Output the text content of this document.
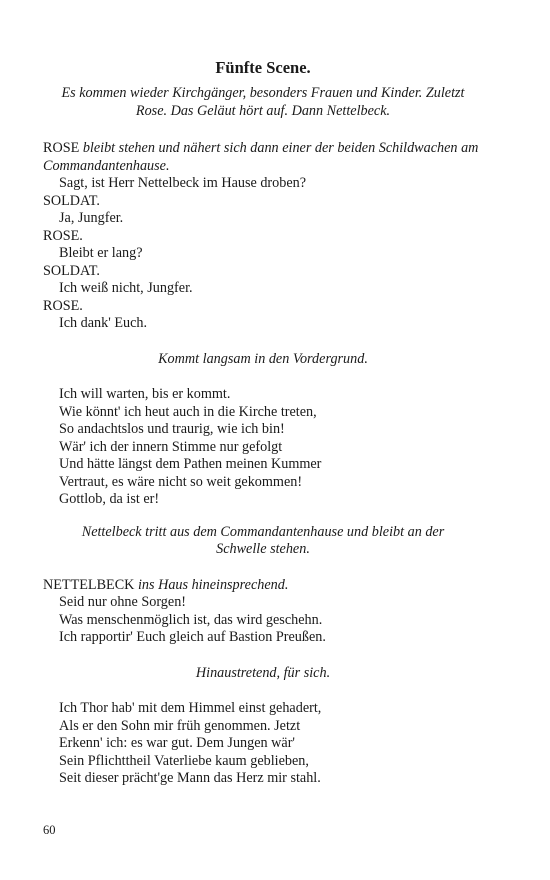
Fünfte Scene.

Es kommen wieder Kirchgänger, besonders Frauen und Kinder. Zuletzt Rose. Das Geläut hört auf. Dann Nettelbeck.

ROSE bleibt stehen und nähert sich dann einer der beiden Schildwachen am Commandantenhause.

Sagt, ist Herr Nettelbeck im Hause droben?

SOLDAT.

Ja, Jungfer.

ROSE.

Bleibt er lang?

SOLDAT.

Ich weiß nicht, Jungfer.

ROSE.

Ich dank' Euch.

Kommt langsam in den Vordergrund.

Ich will warten, bis er kommt.

Wie könnt' ich heut auch in die Kirche treten,

So andachtslos und traurig, wie ich bin!

Wär' ich der innern Stimme nur gefolgt

Und hätte längst dem Pathen meinen Kummer

Vertraut, es wäre nicht so weit gekommen!

Gottlob, da ist er!

Nettelbeck tritt aus dem Commandantenhause und bleibt an der Schwelle stehen.

NETTELBECK ins Haus hineinsprechend.

Seid nur ohne Sorgen!

Was menschenmöglich ist, das wird geschehn.

Ich rapportir' Euch gleich auf Bastion Preußen.

Hinaustretend, für sich.

Ich Thor hab' mit dem Himmel einst gehadert,

Als er den Sohn mir früh genommen. Jetzt

Erkenn' ich: es war gut. Dem Jungen wär'

Sein Pflichttheil Vaterliebe kaum geblieben,

Seit dieser prächt'ge Mann das Herz mir stahl.

60
